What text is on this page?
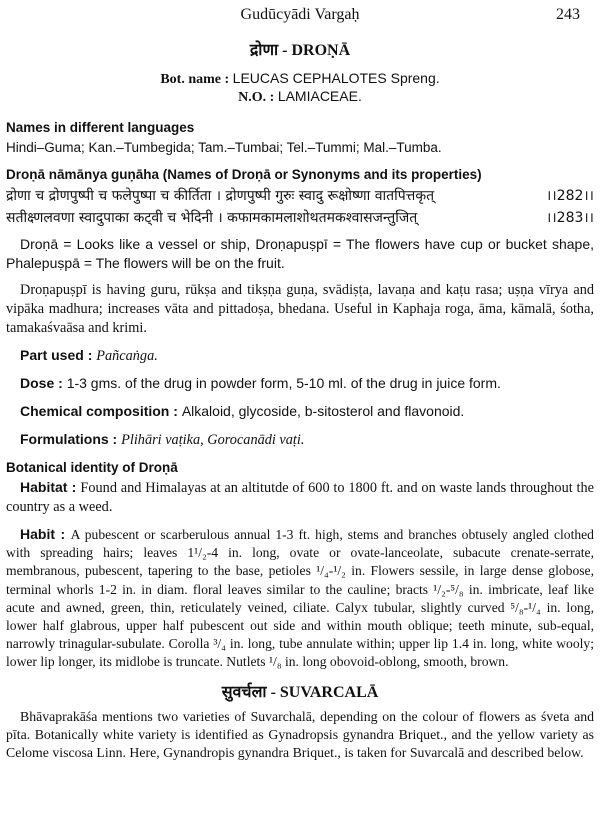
Gudūcyādi Vargaḥ	243
द्रोणा - DROṆĀ
Bot. name : LEUCAS CEPHALOTES Spreng.
N.O. : LAMIACEAE.
Names in different languages

Hindi–Guma; Kan.–Tumbegida; Tam.–Tumbai; Tel.–Tummi; Mal.–Tumba.

Droṇā nāmānya guṇāha (Names of Droṇā or Synonyms and its properties)
।।282।।
द्रोणा च द्रोणपुष्पी च फलेपुष्पा च कीर्तिता । द्रोणपुष्पी गुरुः स्वादु रूक्षोष्णा वातपित्तकृत्
।।283।।
सतीक्ष्णलवणा स्वादुपाका कट्वी च भेदिनी । कफामकामलाशोथतमकश्वासजन्तुजित्

Droṇā = Looks like a vessel or ship, Droṇapuṣpī = The flowers have cup or bucket shape, Phalepuṣpā = The flowers will be on the fruit.

Droṇapuṣpī is having guru, rūkṣa and tikṣṇa guṇa, svādiṣṭa, lavaṇa and kaṭu rasa; uṣṇa vīrya and vipāka madhura; increases vāta and pittadoṣa, bhedana. Useful in Kaphaja roga, āma, kāmalā, śotha, tamakaśvaāsa and krimi.

Part used : Pañcaṅga.

Dose : 1-3 gms. of the drug in powder form, 5-10 ml. of the drug in juice form.

Chemical composition : Alkaloid, glycoside, b-sitosterol and flavonoid.

Formulations : Plihāri vaṭika, Gorocanādi vaṭi.

Botanical identity of Droṇā

Habitat : Found and Himalayas at an altitutde of 600 to 1800 ft. and on waste lands throughout the country as a weed.

Habit : A pubescent or scarberulous annual 1-3 ft. high, stems and branches obtusely angled clothed with spreading hairs; leaves 1¹/₂-4 in. long, ovate or ovate-lanceolate, subacute crenate-serrate, membranous, pubescent, tapering to the base, petioles ¹/₄-¹/₂ in. Flowers sessile, in large dense globose, terminal whorls 1-2 in. in diam. floral leaves similar to the cauline; bracts ¹/₂-⁵/₈ in. imbricate, leaf like acute and awned, green, thin, reticulately veined, ciliate. Calyx tubular, slightly curved ⁵/₈-¹/₄ in. long, lower half glabrous, upper half pubescent out side and within mouth oblique; teeth minute, sub-equal, narrowly trinagular-subulate. Corolla ³/₄ in. long, tube annulate within; upper lip 1.4 in. long, white wooly; lower lip longer, its midlobe is truncate. Nutlets ¹/₈ in. long obovoid-oblong, smooth, brown.

सुवर्चला - SUVARCALĀ

Bhāvaprakāśa mentions two varieties of Suvarchalā, depending on the colour of flowers as śveta and pīta. Botanically white variety is identified as Gynadropsis gynandra Briquet., and the yellow variety as Celome viscosa Linn. Here, Gynandropis gynandra Briquet., is taken for Suvarcalā and described below.
